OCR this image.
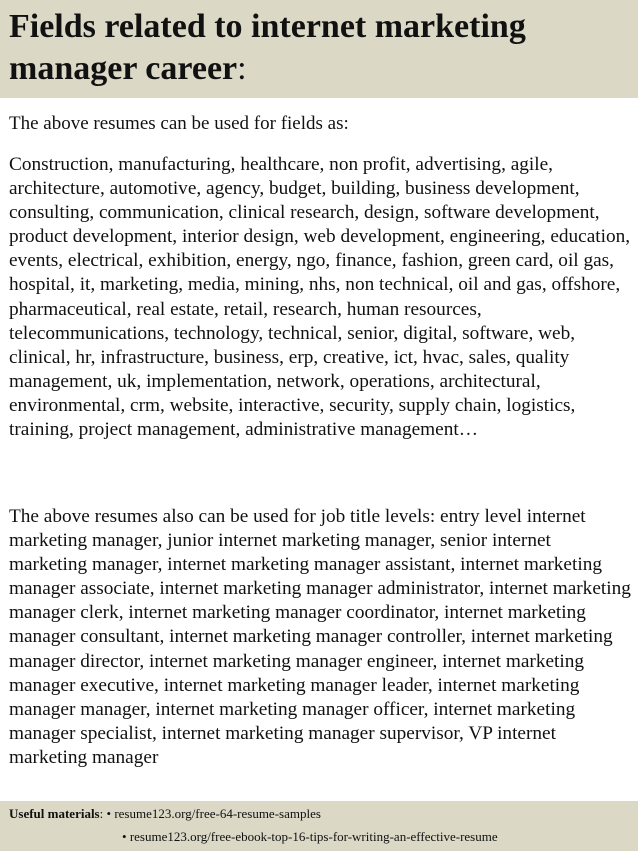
Fields related to internet marketing manager career:
The above resumes can be used for fields as:
Construction, manufacturing, healthcare, non profit, advertising, agile, architecture, automotive, agency, budget, building, business development, consulting, communication, clinical research, design, software development, product development, interior design, web development, engineering, education, events, electrical, exhibition, energy, ngo, finance, fashion, green card, oil gas, hospital, it, marketing, media, mining, nhs, non technical, oil and gas, offshore, pharmaceutical, real estate, retail, research, human resources, telecommunications, technology, technical, senior, digital, software, web, clinical, hr, infrastructure, business, erp, creative, ict, hvac, sales, quality management, uk, implementation, network, operations, architectural, environmental, crm, website, interactive, security, supply chain, logistics, training, project management, administrative management…
The above resumes also can be used for job title levels: entry level internet marketing manager, junior internet marketing manager, senior internet marketing manager, internet marketing manager assistant, internet marketing manager associate, internet marketing manager administrator, internet marketing manager clerk, internet marketing manager coordinator, internet marketing manager consultant, internet marketing manager controller, internet marketing manager director, internet marketing manager engineer, internet marketing manager executive, internet marketing manager leader, internet marketing manager manager, internet marketing manager officer, internet marketing manager specialist, internet marketing manager supervisor, VP internet marketing manager
Useful materials: • resume123.org/free-64-resume-samples
• resume123.org/free-ebook-top-16-tips-for-writing-an-effective-resume
